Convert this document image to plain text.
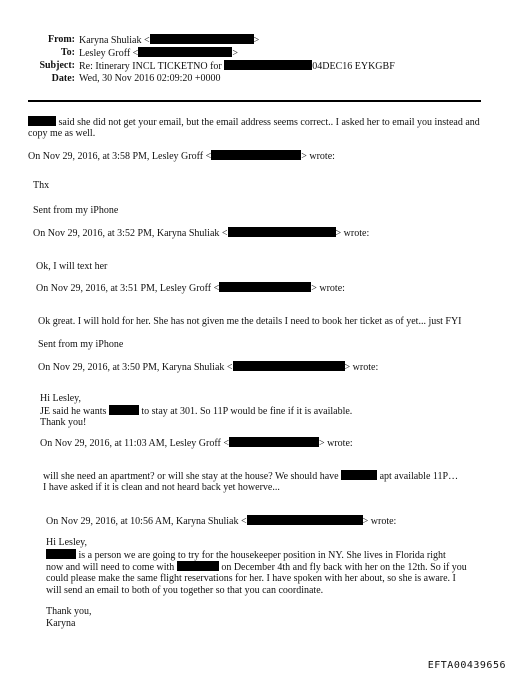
From: Karyna Shuliak <	>
To: Lesley Groff <	>
Subject: Re: Itinerary INCL TICKETNO for	04DEC16 EYKGBF
Date: Wed, 30 Nov 2016 02:09:20 +0000
said she did not get your email, but the email address seems correct.. I asked her to email you instead and
copy me as well.
On Nov 29, 2016, at 3:58 PM, Lesley Groff <	> wrote:
Thx
Sent from my iPhone
On Nov 29, 2016, at 3:52 PM, Karyna Shuliak <	> wrote:
Ok, I will text her
On Nov 29, 2016, at 3:51 PM, Lesley Groff <	> wrote:
Ok great. I will hold for her. She has not given me the details I need to book her ticket as of yet... just FYI
Sent from my iPhone
On Nov 29, 2016, at 3:50 PM, Karyna Shuliak <	> wrote:
Hi Lesley,
JE said he wants	to stay at 301. So 11P would be fine if it is available.
Thank you!
On Nov 29, 2016, at 11:03 AM, Lesley Groff <	> wrote:
will she need an apartment? or will she stay at the house? We should have	apt available 11P…
I have asked if it is clean and not heard back yet howerve...
On Nov 29, 2016, at 10:56 AM, Karyna Shuliak <	> wrote:
Hi Lesley,
is a person we are going to try for the housekeeper position in NY. She lives in Florida right
now and will need to come with	on December 4th and fly back with her on the 12th. So if you
could please make the same flight reservations for her. I have spoken with her about, so she is aware. I
will send an email to both of you together so that you can coordinate.
Thank you,
Karyna
EFTA00439656
